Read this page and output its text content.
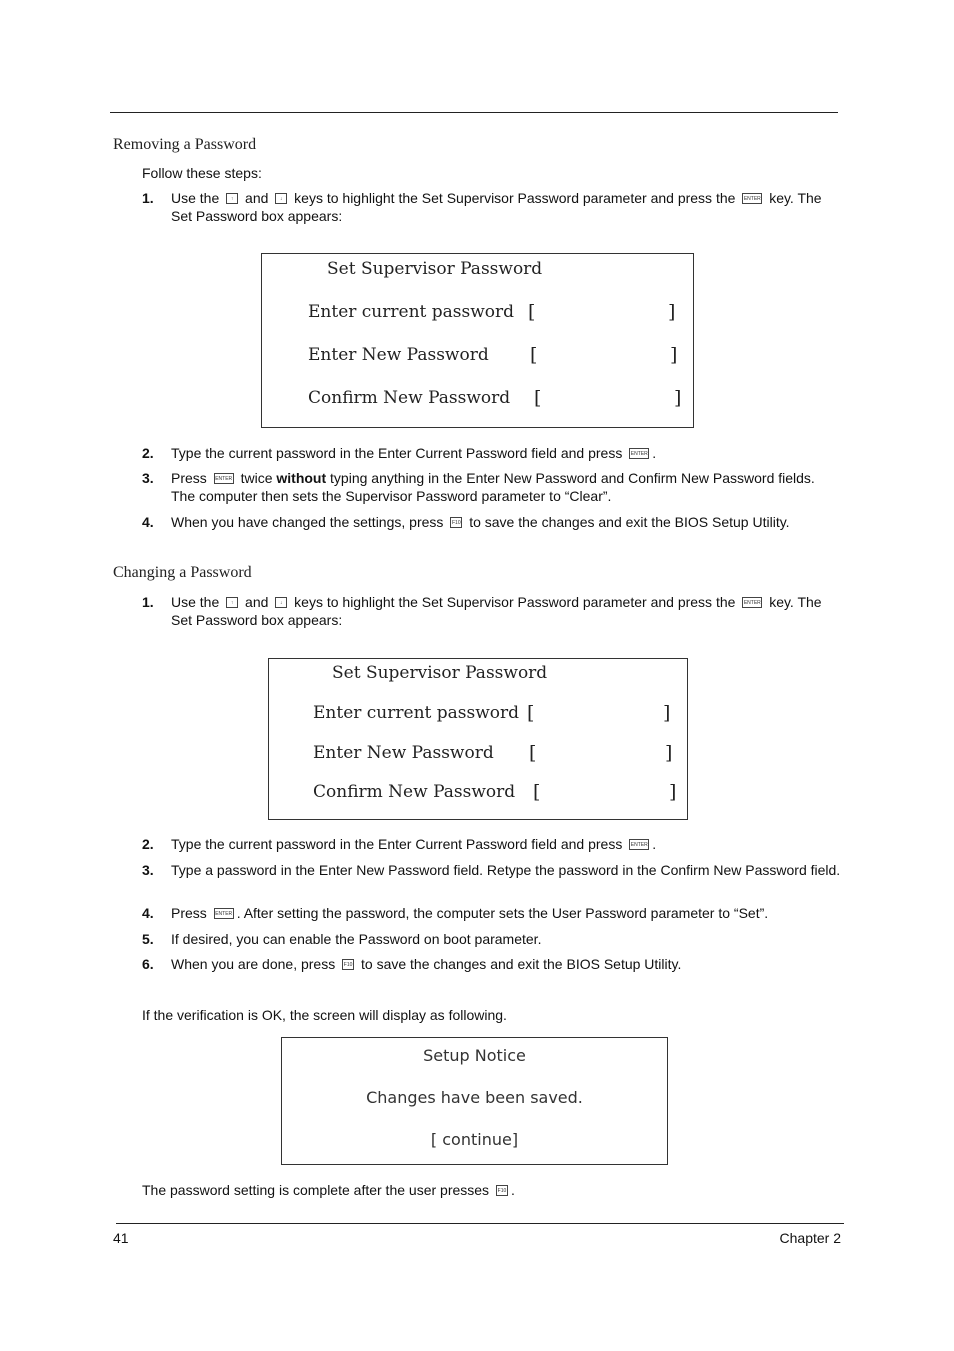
Removing a Password
Follow these steps:
1. Use the ↑ and ↓ keys to highlight the Set Supervisor Password parameter and press the ENTER key. The Set Password box appears:
Set Supervisor Password
Enter current password [	]
Enter New Password [	]
Confirm New Password [	]
2. Type the current password in the Enter Current Password field and press ENTER .
3. Press ENTER twice without typing anything in the Enter New Password and Confirm New Password fields. The computer then sets the Supervisor Password parameter to “Clear”.
4. When you have changed the settings, press F10 to save the changes and exit the BIOS Setup Utility.
Changing a Password
1. Use the ↑ and ↓ keys to highlight the Set Supervisor Password parameter and press the ENTER key. The Set Password box appears:
Set Supervisor Password
Enter current password [	]
Enter New Password [	]
Confirm New Password [	]
2. Type the current password in the Enter Current Password field and press ENTER .
3. Type a password in the Enter New Password field. Retype the password in the Confirm New Password field.
4. Press ENTER . After setting the password, the computer sets the User Password parameter to “Set”.
5. If desired, you can enable the Password on boot parameter.
6. When you are done, press F10 to save the changes and exit the BIOS Setup Utility.
If the verification is OK, the screen will display as following.
Setup Notice
Changes have been saved.
[ continue]
The password setting is complete after the user presses F10 .
41	Chapter 2
